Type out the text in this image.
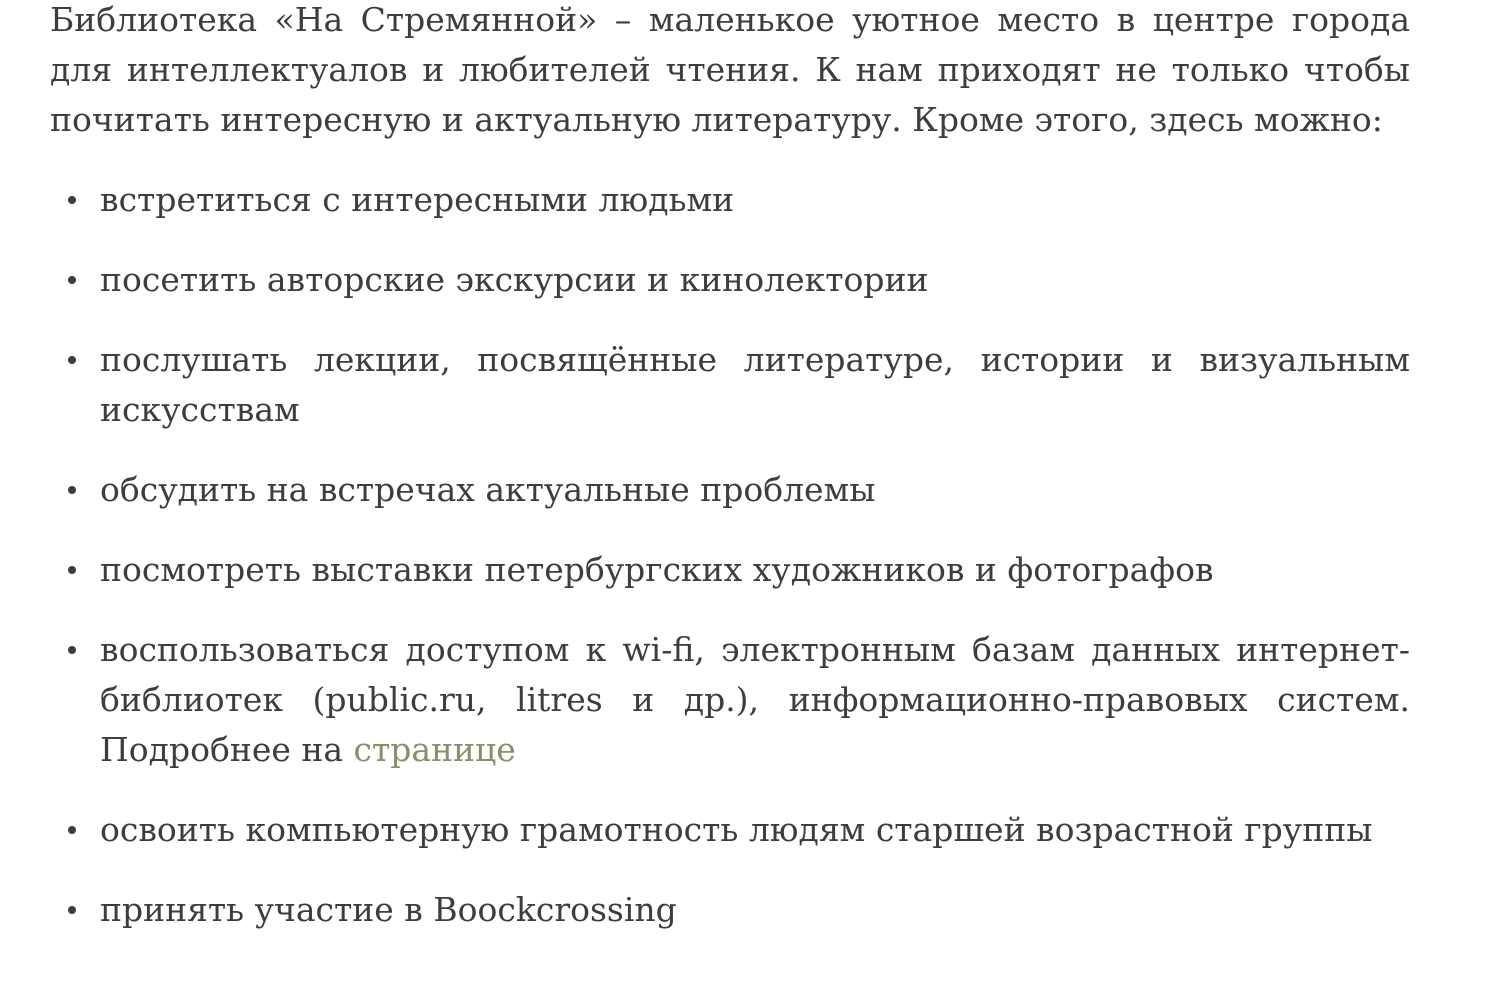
Библиотека «На Стремянной» – маленькое уютное место в центре города для интеллектуалов и любителей чтения. К нам приходят не только чтобы почитать интересную и актуальную литературу. Кроме этого, здесь можно:

встретиться с интересными людьми
посетить авторские экскурсии и кинолектории
послушать лекции, посвящённые литературе, истории и визуальным искусствам
обсудить на встречах актуальные проблемы
посмотреть выставки петербургских художников и фотографов
воспользоваться доступом к wi-fi, электронным базам данных интернет-библиотек (public.ru, litres и др.), информационно-правовых систем. Подробнее на странице
освоить компьютерную грамотность людям старшей возрастной группы
принять участие в Boockcrossing
